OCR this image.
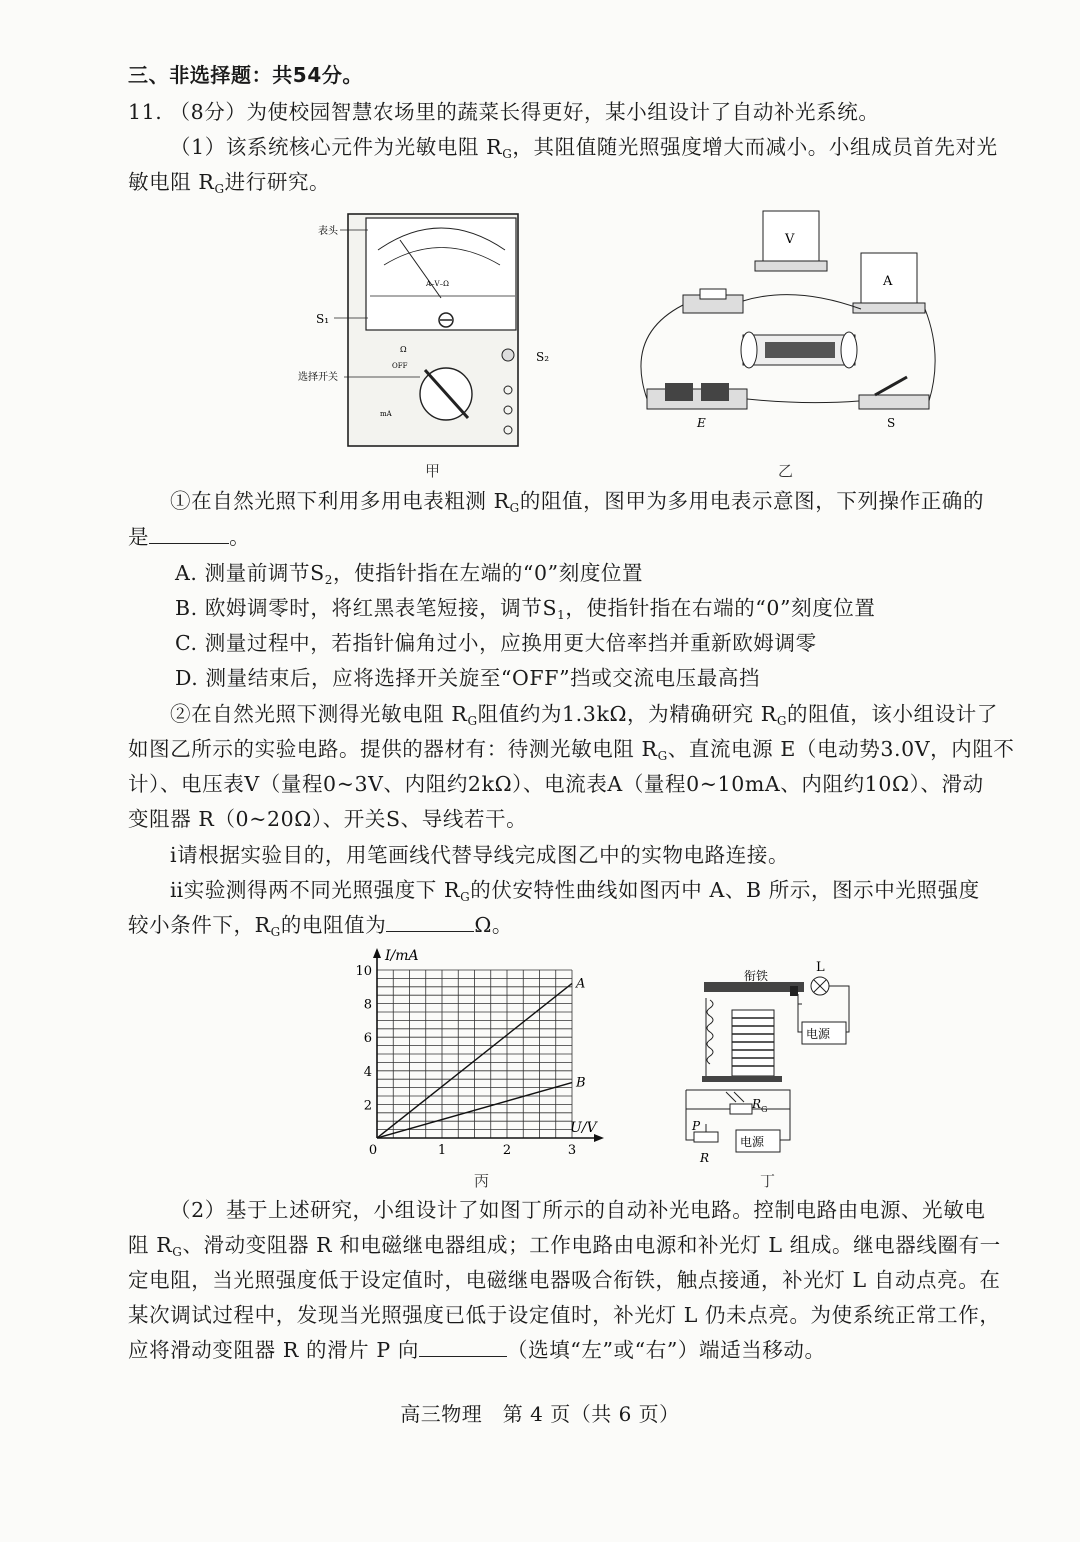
三、非选择题：共54分。
11. （8分）为使校园智慧农场里的蔬菜长得更好，某小组设计了自动补光系统。
（1）该系统核心元件为光敏电阻 $R_G$，其阻值随光照强度增大而减小。小组成员首先对光
敏电阻 $R_G$进行研究。
A–V–Ω
OFF
mA
Ω
表头
S₁
选择开关
S₂
甲
V
A
E	S
乙
①在自然光照下利用多用电表粗测 $R_G$的阻值，图甲为多用电表示意图，下列操作正确的
是	。
A. 测量前调节$S_2$，使指针指在左端的“0”刻度位置
B. 欧姆调零时，将红黑表笔短接，调节$S_1$，使指针指在右端的“0”刻度位置
C. 测量过程中，若指针偏角过小，应换用更大倍率挡并重新欧姆调零
D. 测量结束后，应将选择开关旋至“OFF”挡或交流电压最高挡
②在自然光照下测得光敏电阻 $R_G$阻值约为1.3kΩ，为精确研究 $R_G$的阻值，该小组设计了
如图乙所示的实验电路。提供的器材有：待测光敏电阻 $R_G$、直流电源 E（电动势3.0V，内阻不
计）、电压表V（量程0~3V、内阻约2kΩ）、电流表A（量程0~10mA、内阻约10Ω）、滑动
变阻器 R（0~20Ω）、开关S、导线若干。
ⅰ请根据实验目的，用笔画线代替导线完成图乙中的实物电路连接。
ⅱ实验测得两不同光照强度下 $R_G$的伏安特性曲线如图丙中 A、B 所示，图示中光照强度
较小条件下，$R_G$的电阻值为	Ω。
I/mA
U/V
2
4
6
8
10
0	1	2	3
A
B
丙
衔铁
L
电源
R G
P
R
电源
丁
（2）基于上述研究，小组设计了如图丁所示的自动补光电路。控制电路由电源、光敏电
阻 $R_G$、滑动变阻器 R 和电磁继电器组成；工作电路由电源和补光灯 L 组成。继电器线圈有一
定电阻，当光照强度低于设定值时，电磁继电器吸合衔铁，触点接通，补光灯 L 自动点亮。在
某次调试过程中，发现当光照强度已低于设定值时，补光灯 L 仍未点亮。为使系统正常工作，
应将滑动变阻器 R 的滑片 P 向	（选填“左”或“右”）端适当移动。
高三物理　第 4 页（共 6 页）
